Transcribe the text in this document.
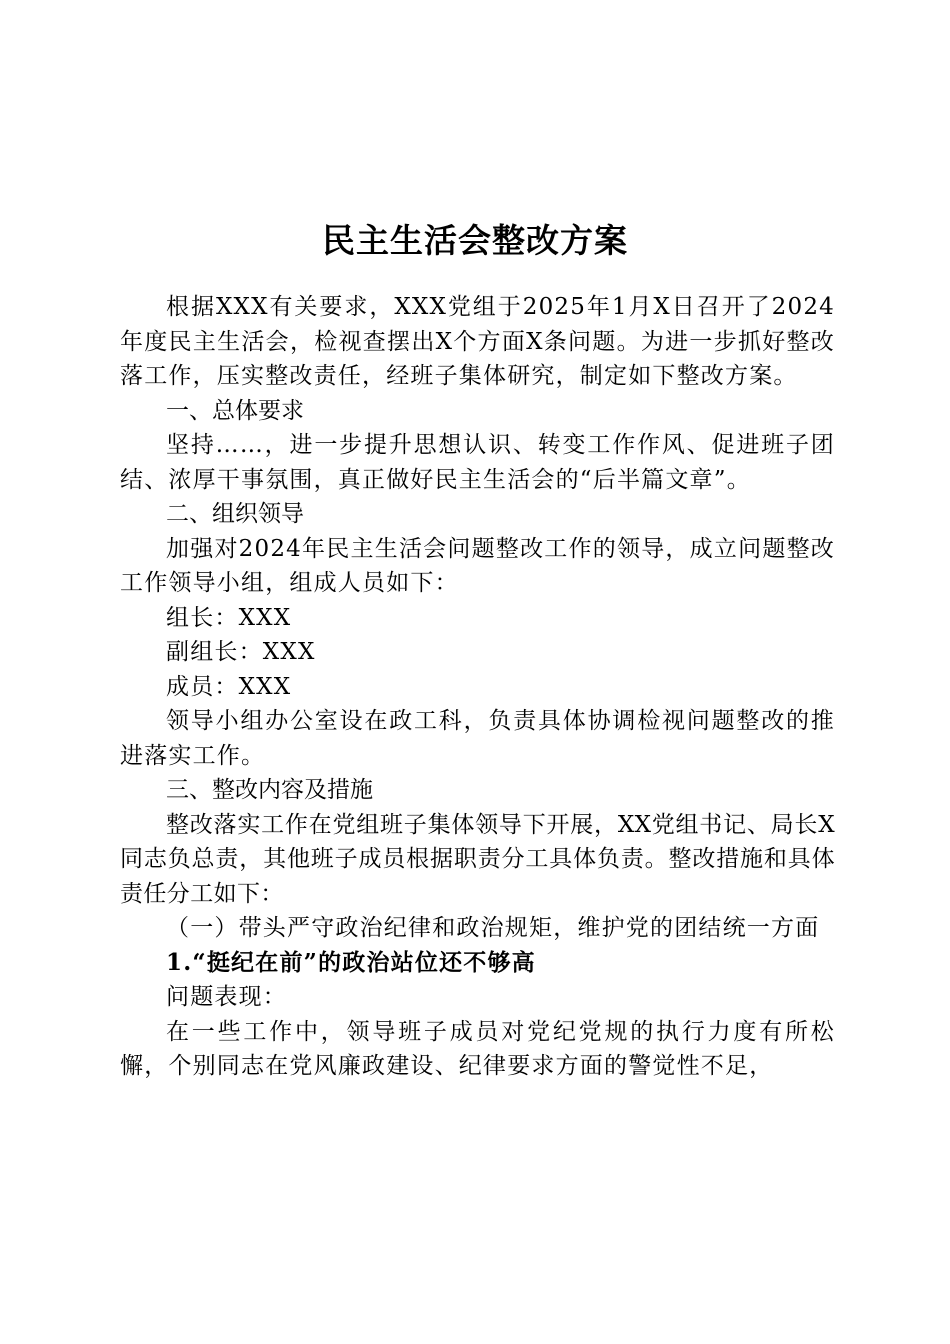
民主生活会整改方案

根据XXX有关要求，XXX党组于2025年1月X日召开了2024年度民主生活会，检视查摆出X个方面X条问题。为进一步抓好整改落工作，压实整改责任，经班子集体研究，制定如下整改方案。

一、总体要求

坚持……，进一步提升思想认识、转变工作作风、促进班子团结、浓厚干事氛围，真正做好民主生活会的“后半篇文章”。

二、组织领导

加强对2024年民主生活会问题整改工作的领导，成立问题整改工作领导小组，组成人员如下：

组长：XXX

副组长：XXX

成员：XXX

领导小组办公室设在政工科，负责具体协调检视问题整改的推进落实工作。

三、整改内容及措施

整改落实工作在党组班子集体领导下开展，XX党组书记、局长X同志负总责，其他班子成员根据职责分工具体负责。整改措施和具体责任分工如下：

（一）带头严守政治纪律和政治规矩，维护党的团结统一方面

1.“挺纪在前”的政治站位还不够高

问题表现：

在一些工作中，领导班子成员对党纪党规的执行力度有所松懈，个别同志在党风廉政建设、纪律要求方面的警觉性不足，
